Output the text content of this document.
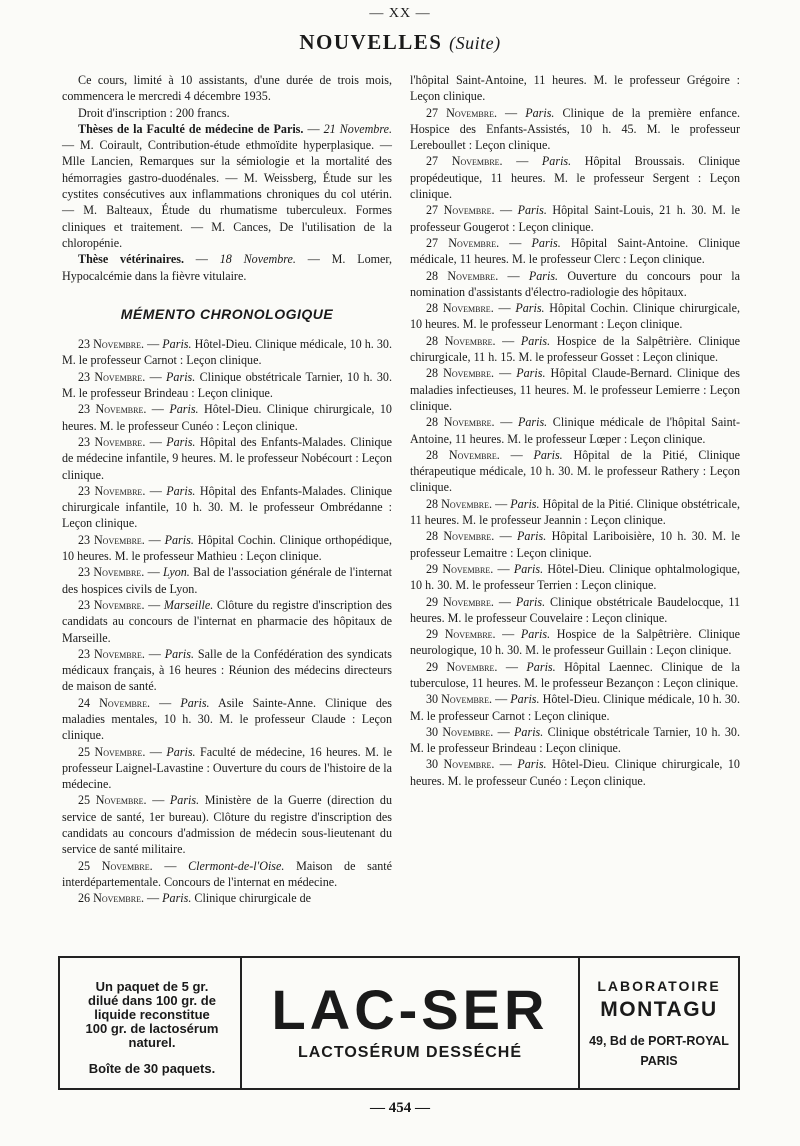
— XX —
NOUVELLES (Suite)

Ce cours, limité à 10 assistants, d'une durée de trois mois, commencera le mercredi 4 décembre 1935.

Droit d'inscription : 200 francs.

Thèses de la Faculté de médecine de Paris. — 21 Novembre. — M. Coirault, Contribution-étude ethmoïdite hyperplasique. — Mlle Lancien, Remarques sur la sémiologie et la mortalité des hémorragies gastro-duodénales. — M. Weissberg, Étude sur les cystites consécutives aux inflammations chroniques du col utérin. — M. Balteaux, Étude du rhumatisme tuberculeux. Formes cliniques et traitement. — M. Cances, De l'utilisation de la chloropénie.

Thèse vétérinaires. — 18 Novembre. — M. Lomer, Hypocalcémie dans la fièvre vitulaire.

MÉMENTO CHRONOLOGIQUE

23 Novembre. — Paris. Hôtel-Dieu. Clinique médicale, 10 h. 30. M. le professeur Carnot : Leçon clinique.

23 Novembre. — Paris. Clinique obstétricale Tarnier, 10 h. 30. M. le professeur Brindeau : Leçon clinique.

23 Novembre. — Paris. Hôtel-Dieu. Clinique chirurgicale, 10 heures. M. le professeur Cunéo : Leçon clinique.

23 Novembre. — Paris. Hôpital des Enfants-Malades. Clinique de médecine infantile, 9 heures. M. le professeur Nobécourt : Leçon clinique.

23 Novembre. — Paris. Hôpital des Enfants-Malades. Clinique chirurgicale infantile, 10 h. 30. M. le professeur Ombrédanne : Leçon clinique.

23 Novembre. — Paris. Hôpital Cochin. Clinique orthopédique, 10 heures. M. le professeur Mathieu : Leçon clinique.

23 Novembre. — Lyon. Bal de l'association générale de l'internat des hospices civils de Lyon.

23 Novembre. — Marseille. Clôture du registre d'inscription des candidats au concours de l'internat en pharmacie des hôpitaux de Marseille.

23 Novembre. — Paris. Salle de la Confédération des syndicats médicaux français, à 16 heures : Réunion des médecins directeurs de maison de santé.

24 Novembre. — Paris. Asile Sainte-Anne. Clinique des maladies mentales, 10 h. 30. M. le professeur Claude : Leçon clinique.

25 Novembre. — Paris. Faculté de médecine, 16 heures. M. le professeur Laignel-Lavastine : Ouverture du cours de l'histoire de la médecine.

25 Novembre. — Paris. Ministère de la Guerre (direction du service de santé, 1er bureau). Clôture du registre d'inscription des candidats au concours d'admission de médecin sous-lieutenant du service de santé militaire.

25 Novembre. — Clermont-de-l'Oise. Maison de santé interdépartementale. Concours de l'internat en médecine.

26 Novembre. — Paris. Clinique chirurgicale de

l'hôpital Saint-Antoine, 11 heures. M. le professeur Grégoire : Leçon clinique.

27 Novembre. — Paris. Clinique de la première enfance. Hospice des Enfants-Assistés, 10 h. 45. M. le professeur Lereboullet : Leçon clinique.

27 Novembre. — Paris. Hôpital Broussais. Clinique propédeutique, 11 heures. M. le professeur Sergent : Leçon clinique.

27 Novembre. — Paris. Hôpital Saint-Louis, 21 h. 30. M. le professeur Gougerot : Leçon clinique.

27 Novembre. — Paris. Hôpital Saint-Antoine. Clinique médicale, 11 heures. M. le professeur Clerc : Leçon clinique.

28 Novembre. — Paris. Ouverture du concours pour la nomination d'assistants d'électro-radiologie des hôpitaux.

28 Novembre. — Paris. Hôpital Cochin. Clinique chirurgicale, 10 heures. M. le professeur Lenormant : Leçon clinique.

28 Novembre. — Paris. Hospice de la Salpêtrière. Clinique chirurgicale, 11 h. 15. M. le professeur Gosset : Leçon clinique.

28 Novembre. — Paris. Hôpital Claude-Bernard. Clinique des maladies infectieuses, 11 heures. M. le professeur Lemierre : Leçon clinique.

28 Novembre. — Paris. Clinique médicale de l'hôpital Saint-Antoine, 11 heures. M. le professeur Lœper : Leçon clinique.

28 Novembre. — Paris. Hôpital de la Pitié, Clinique thérapeutique médicale, 10 h. 30. M. le professeur Rathery : Leçon clinique.

28 Novembre. — Paris. Hôpital de la Pitié. Clinique obstétricale, 11 heures. M. le professeur Jeannin : Leçon clinique.

28 Novembre. — Paris. Hôpital Lariboisière, 10 h. 30. M. le professeur Lemaitre : Leçon clinique.

29 Novembre. — Paris. Hôtel-Dieu. Clinique ophtalmologique, 10 h. 30. M. le professeur Terrien : Leçon clinique.

29 Novembre. — Paris. Clinique obstétricale Baudelocque, 11 heures. M. le professeur Couvelaire : Leçon clinique.

29 Novembre. — Paris. Hospice de la Salpêtrière. Clinique neurologique, 10 h. 30. M. le professeur Guillain : Leçon clinique.

29 Novembre. — Paris. Hôpital Laennec. Clinique de la tuberculose, 11 heures. M. le professeur Bezançon : Leçon clinique.

30 Novembre. — Paris. Hôtel-Dieu. Clinique médicale, 10 h. 30. M. le professeur Carnot : Leçon clinique.

30 Novembre. — Paris. Clinique obstétricale Tarnier, 10 h. 30. M. le professeur Brindeau : Leçon clinique.

30 Novembre. — Paris. Hôtel-Dieu. Clinique chirurgicale, 10 heures. M. le professeur Cunéo : Leçon clinique.

Un paquet de 5 gr.
dilué dans 100 gr. de
liquide reconstitue
100 gr. de lactosérum
naturel.
Boîte de 30 paquets.
LAC-SER
LACTOSÉRUM DESSÉCHÉ
LABORATOIRE
MONTAGU
49, Bd de PORT-ROYAL
PARIS
— 454 —
